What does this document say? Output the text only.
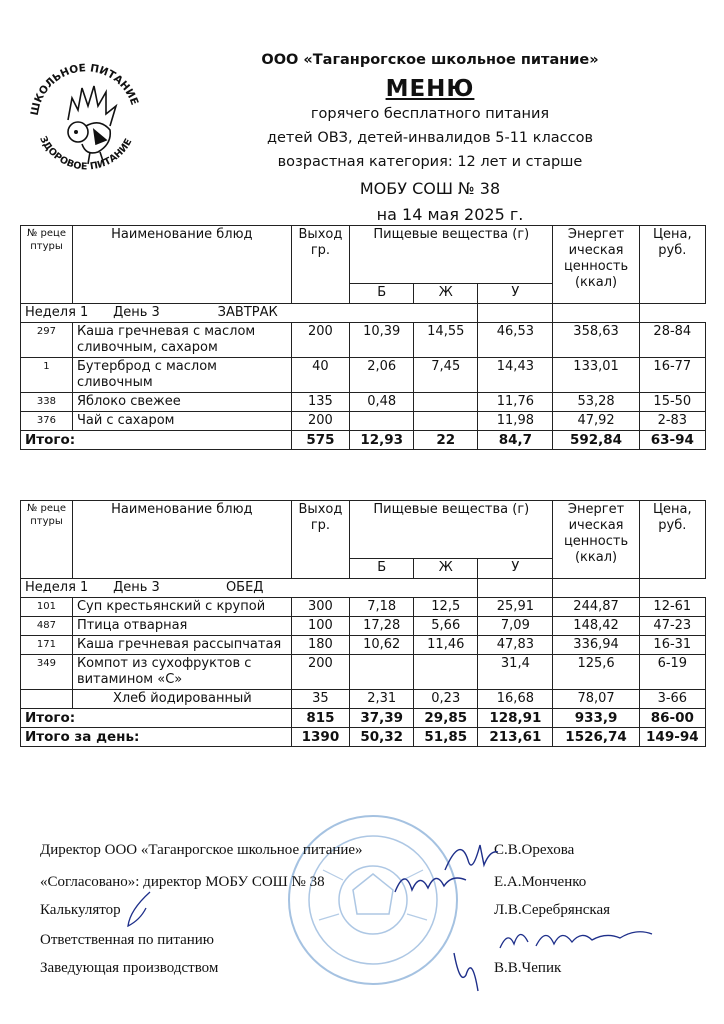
ШКОЛЬНОЕ ПИТАНИЕ
ЗДОРОВОЕ ПИТАНИЕ
ООО «Таганрогское школьное питание»
МЕНЮ
горячего бесплатного питания
детей ОВЗ, детей-инвалидов 5-11 классов
возрастная категория: 12 лет и старше
МОБУ СОШ № 38
на 14 мая 2025 г.
№ реце птуры	Наименование блюд	Выход гр.	Пищевые вещества (г)			Энергет ическая ценность (ккал)	Цена, руб.
			Б	Ж	У		
Неделя 1 День 3 ЗАВТРАК							
297	Каша гречневая с маслом сливочным, сахаром	200	10,39	14,55	46,53	358,63	28-84
1	Бутерброд с маслом сливочным	40	2,06	7,45	14,43	133,01	16-77
338	Яблоко свежее	135	0,48		11,76	53,28	15-50
376	Чай с сахаром	200			11,98	47,92	2-83
Итого:		575	12,93	22	84,7	592,84	63-94
№ реце птуры	Наименование блюд	Выход гр.	Пищевые вещества (г)			Энергет ическая ценность (ккал)	Цена, руб.
			Б	Ж	У		
Неделя 1 День 3 ОБЕД							
101	Суп крестьянский с крупой	300	7,18	12,5	25,91	244,87	12-61
487	Птица отварная	100	17,28	5,66	7,09	148,42	47-23
171	Каша гречневая рассыпчатая	180	10,62	11,46	47,83	336,94	16-31
349	Компот из сухофруктов с витамином «С»	200			31,4	125,6	6-19
	Хлеб йодированный	35	2,31	0,23	16,68	78,07	3-66
Итого:		815	37,39	29,85	128,91	933,9	86-00
Итого за день:		1390	50,32	51,85	213,61	1526,74	149-94
Директор ООО «Таганрогское школьное питание»	С.В.Орехова
«Согласовано»: директор МОБУ СОШ № 38	Е.А.Монченко
Калькулятор	Л.В.Серебрянская
Ответственная по питанию
Заведующая производством	В.В.Чепик
